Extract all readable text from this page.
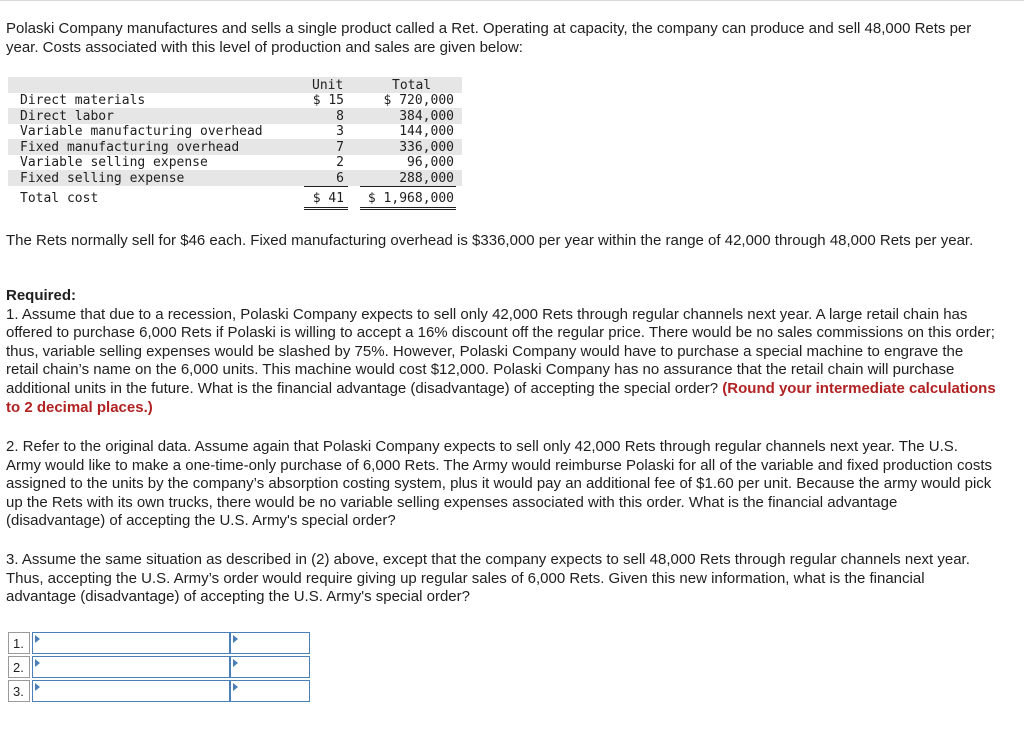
Polaski Company manufactures and sells a single product called a Ret. Operating at capacity, the company can produce and sell 48,000 Rets per year. Costs associated with this level of production and sales are given below:

Unit	Total
Direct materials	$ 15	$ 720,000
Direct labor	8	384,000
Variable manufacturing overhead	3	144,000
Fixed manufacturing overhead	7	336,000
Variable selling expense	2	96,000
Fixed selling expense	6	288,000
Total cost	$ 41	$ 1,968,000

The Rets normally sell for $46 each. Fixed manufacturing overhead is $336,000 per year within the range of 42,000 through 48,000 Rets per year.

Required:
1. Assume that due to a recession, Polaski Company expects to sell only 42,000 Rets through regular channels next year. A large retail chain has offered to purchase 6,000 Rets if Polaski is willing to accept a 16% discount off the regular price. There would be no sales commissions on this order; thus, variable selling expenses would be slashed by 75%. However, Polaski Company would have to purchase a special machine to engrave the retail chain’s name on the 6,000 units. This machine would cost $12,000. Polaski Company has no assurance that the retail chain will purchase additional units in the future. What is the financial advantage (disadvantage) of accepting the special order? (Round your intermediate calculations to 2 decimal places.)

2. Refer to the original data. Assume again that Polaski Company expects to sell only 42,000 Rets through regular channels next year. The U.S. Army would like to make a one-time-only purchase of 6,000 Rets. The Army would reimburse Polaski for all of the variable and fixed production costs assigned to the units by the company’s absorption costing system, plus it would pay an additional fee of $1.60 per unit. Because the army would pick up the Rets with its own trucks, there would be no variable selling expenses associated with this order. What is the financial advantage (disadvantage) of accepting the U.S. Army's special order?

3. Assume the same situation as described in (2) above, except that the company expects to sell 48,000 Rets through regular channels next year. Thus, accepting the U.S. Army’s order would require giving up regular sales of 6,000 Rets. Given this new information, what is the financial advantage (disadvantage) of accepting the U.S. Army's special order?

1.
2.
3.
